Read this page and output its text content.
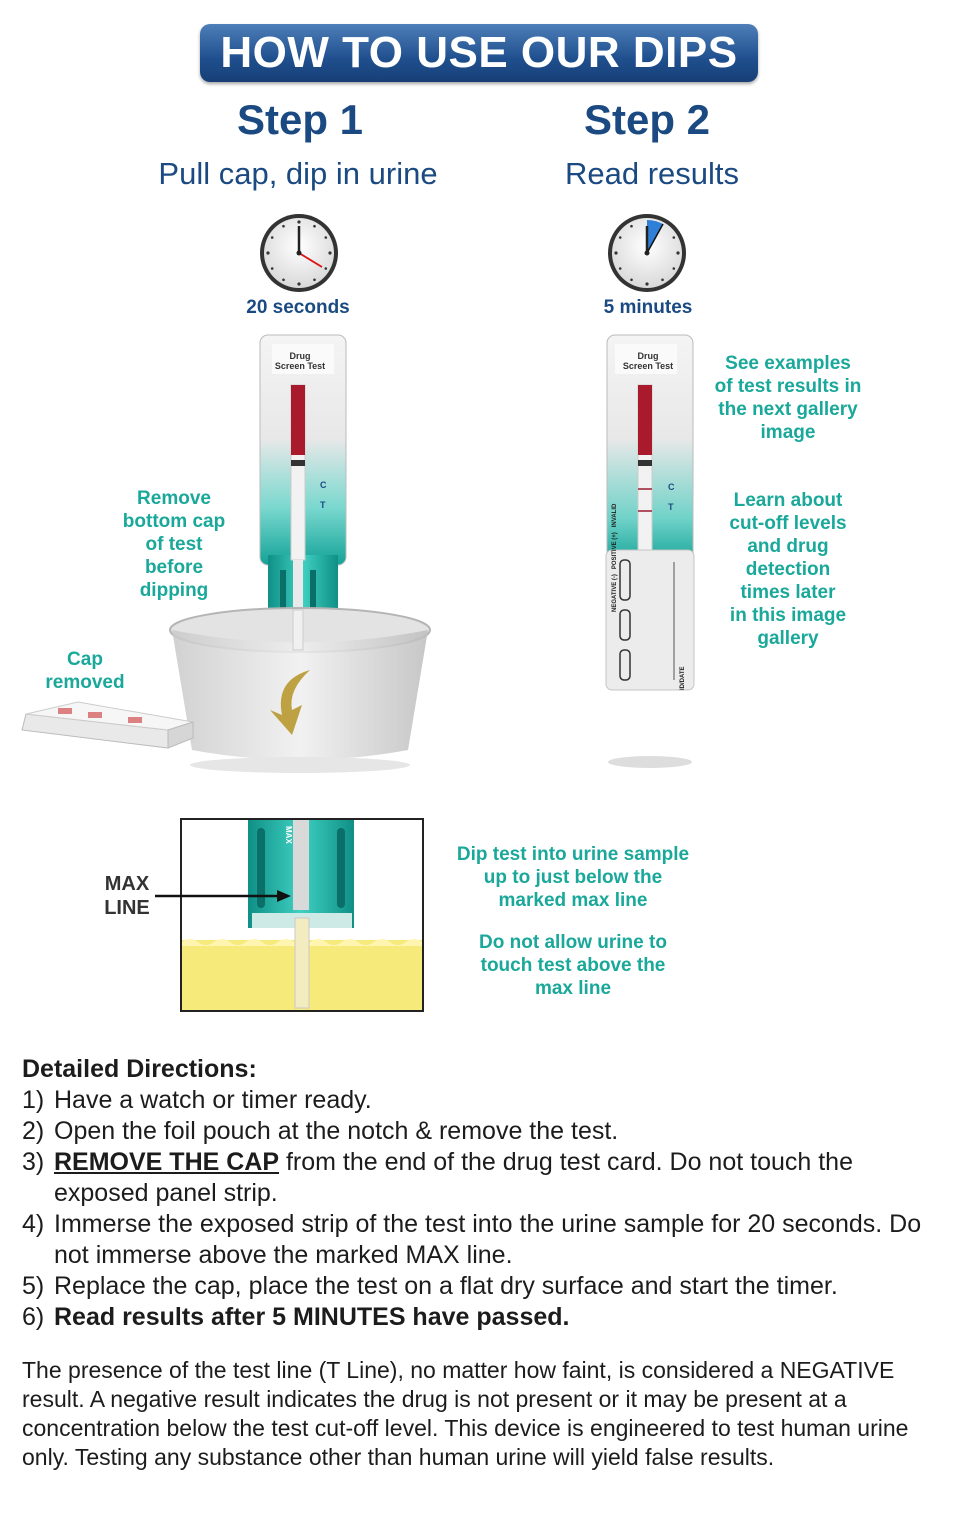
HOW TO USE OUR DIPS
Step 1	Step 2
Pull cap, dip in urine	Read results
20 seconds	5 minutes
Drug
Screen Test
C
T
Remove
bottom cap
of test
before
dipping
Cap
removed
Drug
Screen Test
C
T
NEGATIVE (-)   POSITIVE (+)   INVALID
ID/DATE
See examples
of test results in
the next gallery
image
Learn about
cut-off levels
and drug
detection
times later
in this image
gallery
MAX
LINE
MAX
Dip test into urine sample
up to just below the
marked max line
Do not allow urine to
touch test above the
max line
Detailed Directions:
1) Have a watch or timer ready.
2) Open the foil pouch at the notch & remove the test.
3) REMOVE THE CAP from the end of the drug test card. Do not touch the exposed panel strip.
4) Immerse the exposed strip of the test into the urine sample for 20 seconds. Do not immerse above the marked MAX line.
5) Replace the cap, place the test on a flat dry surface and start the timer.
6) Read results after 5 MINUTES have passed.
The presence of the test line (T Line), no matter how faint, is considered a NEGATIVE result. A negative result indicates the drug is not present or it may be present at a concentration below the test cut-off level. This device is engineered to test human urine only. Testing any substance other than human urine will yield false results.
